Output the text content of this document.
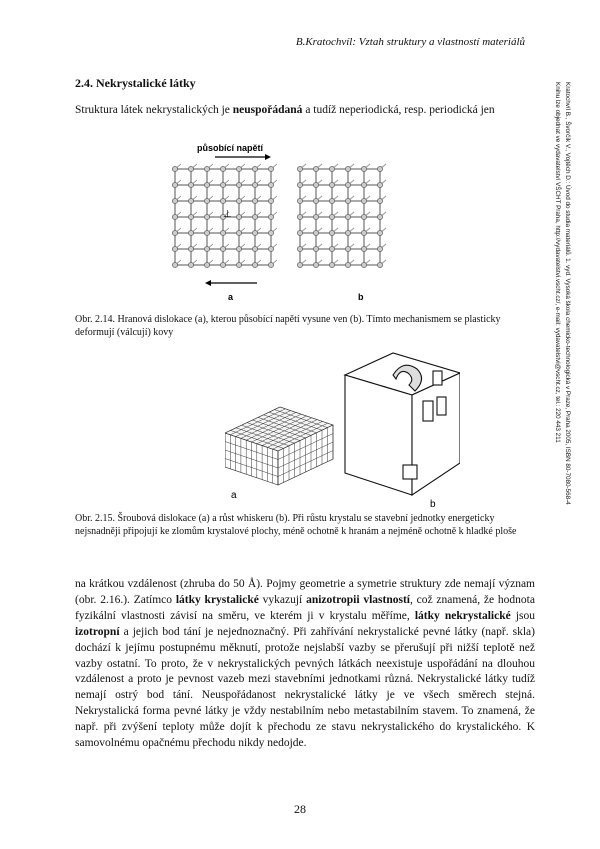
B.Kratochvíl: Vztah struktury a vlastností materiálů
Kratochvíl B., Švorčík V., Vojtěch D.: Úvod do studia materiálů. 1. vyd. Vysoká škola chemicko-technologická v Praze, Praha 2005, ISBN 80-7080-568-4
Knihu lze objednat ve vydavatelství VŠCHT Praha, http://vydavatelstvi.vscht.cz/, e-mail: vydavatelstvi@vscht.cz, tel.: 220 443 211
2.4. Nekrystalické látky
Struktura látek nekrystalických je neuspořádaná a tudíž neperiodická, resp. periodická jen
působící napětí
a	b
⊥
Obr. 2.14. Hranová dislokace (a), kterou působící napětí vysune ven (b). Tímto mechanismem se plasticky deformují (válcují) kovy
a
b
Obr. 2.15. Šroubová dislokace (a) a růst whiskeru (b). Při růstu krystalu se stavební jednotky energeticky nejsnadněji připojují ke zlomům krystalové plochy, méně ochotně k hranám a nejméně ochotně k hladké ploše
na krátkou vzdálenost (zhruba do 50 Å). Pojmy geometrie a symetrie struktury zde nemají význam (obr. 2.16.). Zatímco látky krystalické vykazují anizotropii vlastností, což znamená, že hodnota fyzikální vlastnosti závisí na směru, ve kterém ji v krystalu měříme, látky nekrystalické jsou izotropní a jejich bod tání je nejednoznačný. Při zahřívání nekrystalické pevné látky (např. skla) dochází k jejímu postupnému měknutí, protože nejslabší vazby se přerušují při nižší teplotě než vazby ostatní. To proto, že v nekrystalických pevných látkách neexistuje uspořádání na dlouhou vzdálenost a proto je pevnost vazeb mezi stavebními jednotkami různá. Nekrystalické látky tudíž nemají ostrý bod tání. Neuspořádanost nekrystalické látky je ve všech směrech stejná. Nekrystalická forma pevné látky je vždy nestabilním nebo metastabilním stavem. To znamená, že např. při zvýšení teploty může dojít k přechodu ze stavu nekrystalického do krystalického. K samovolnému opačnému přechodu nikdy nedojde.
28
